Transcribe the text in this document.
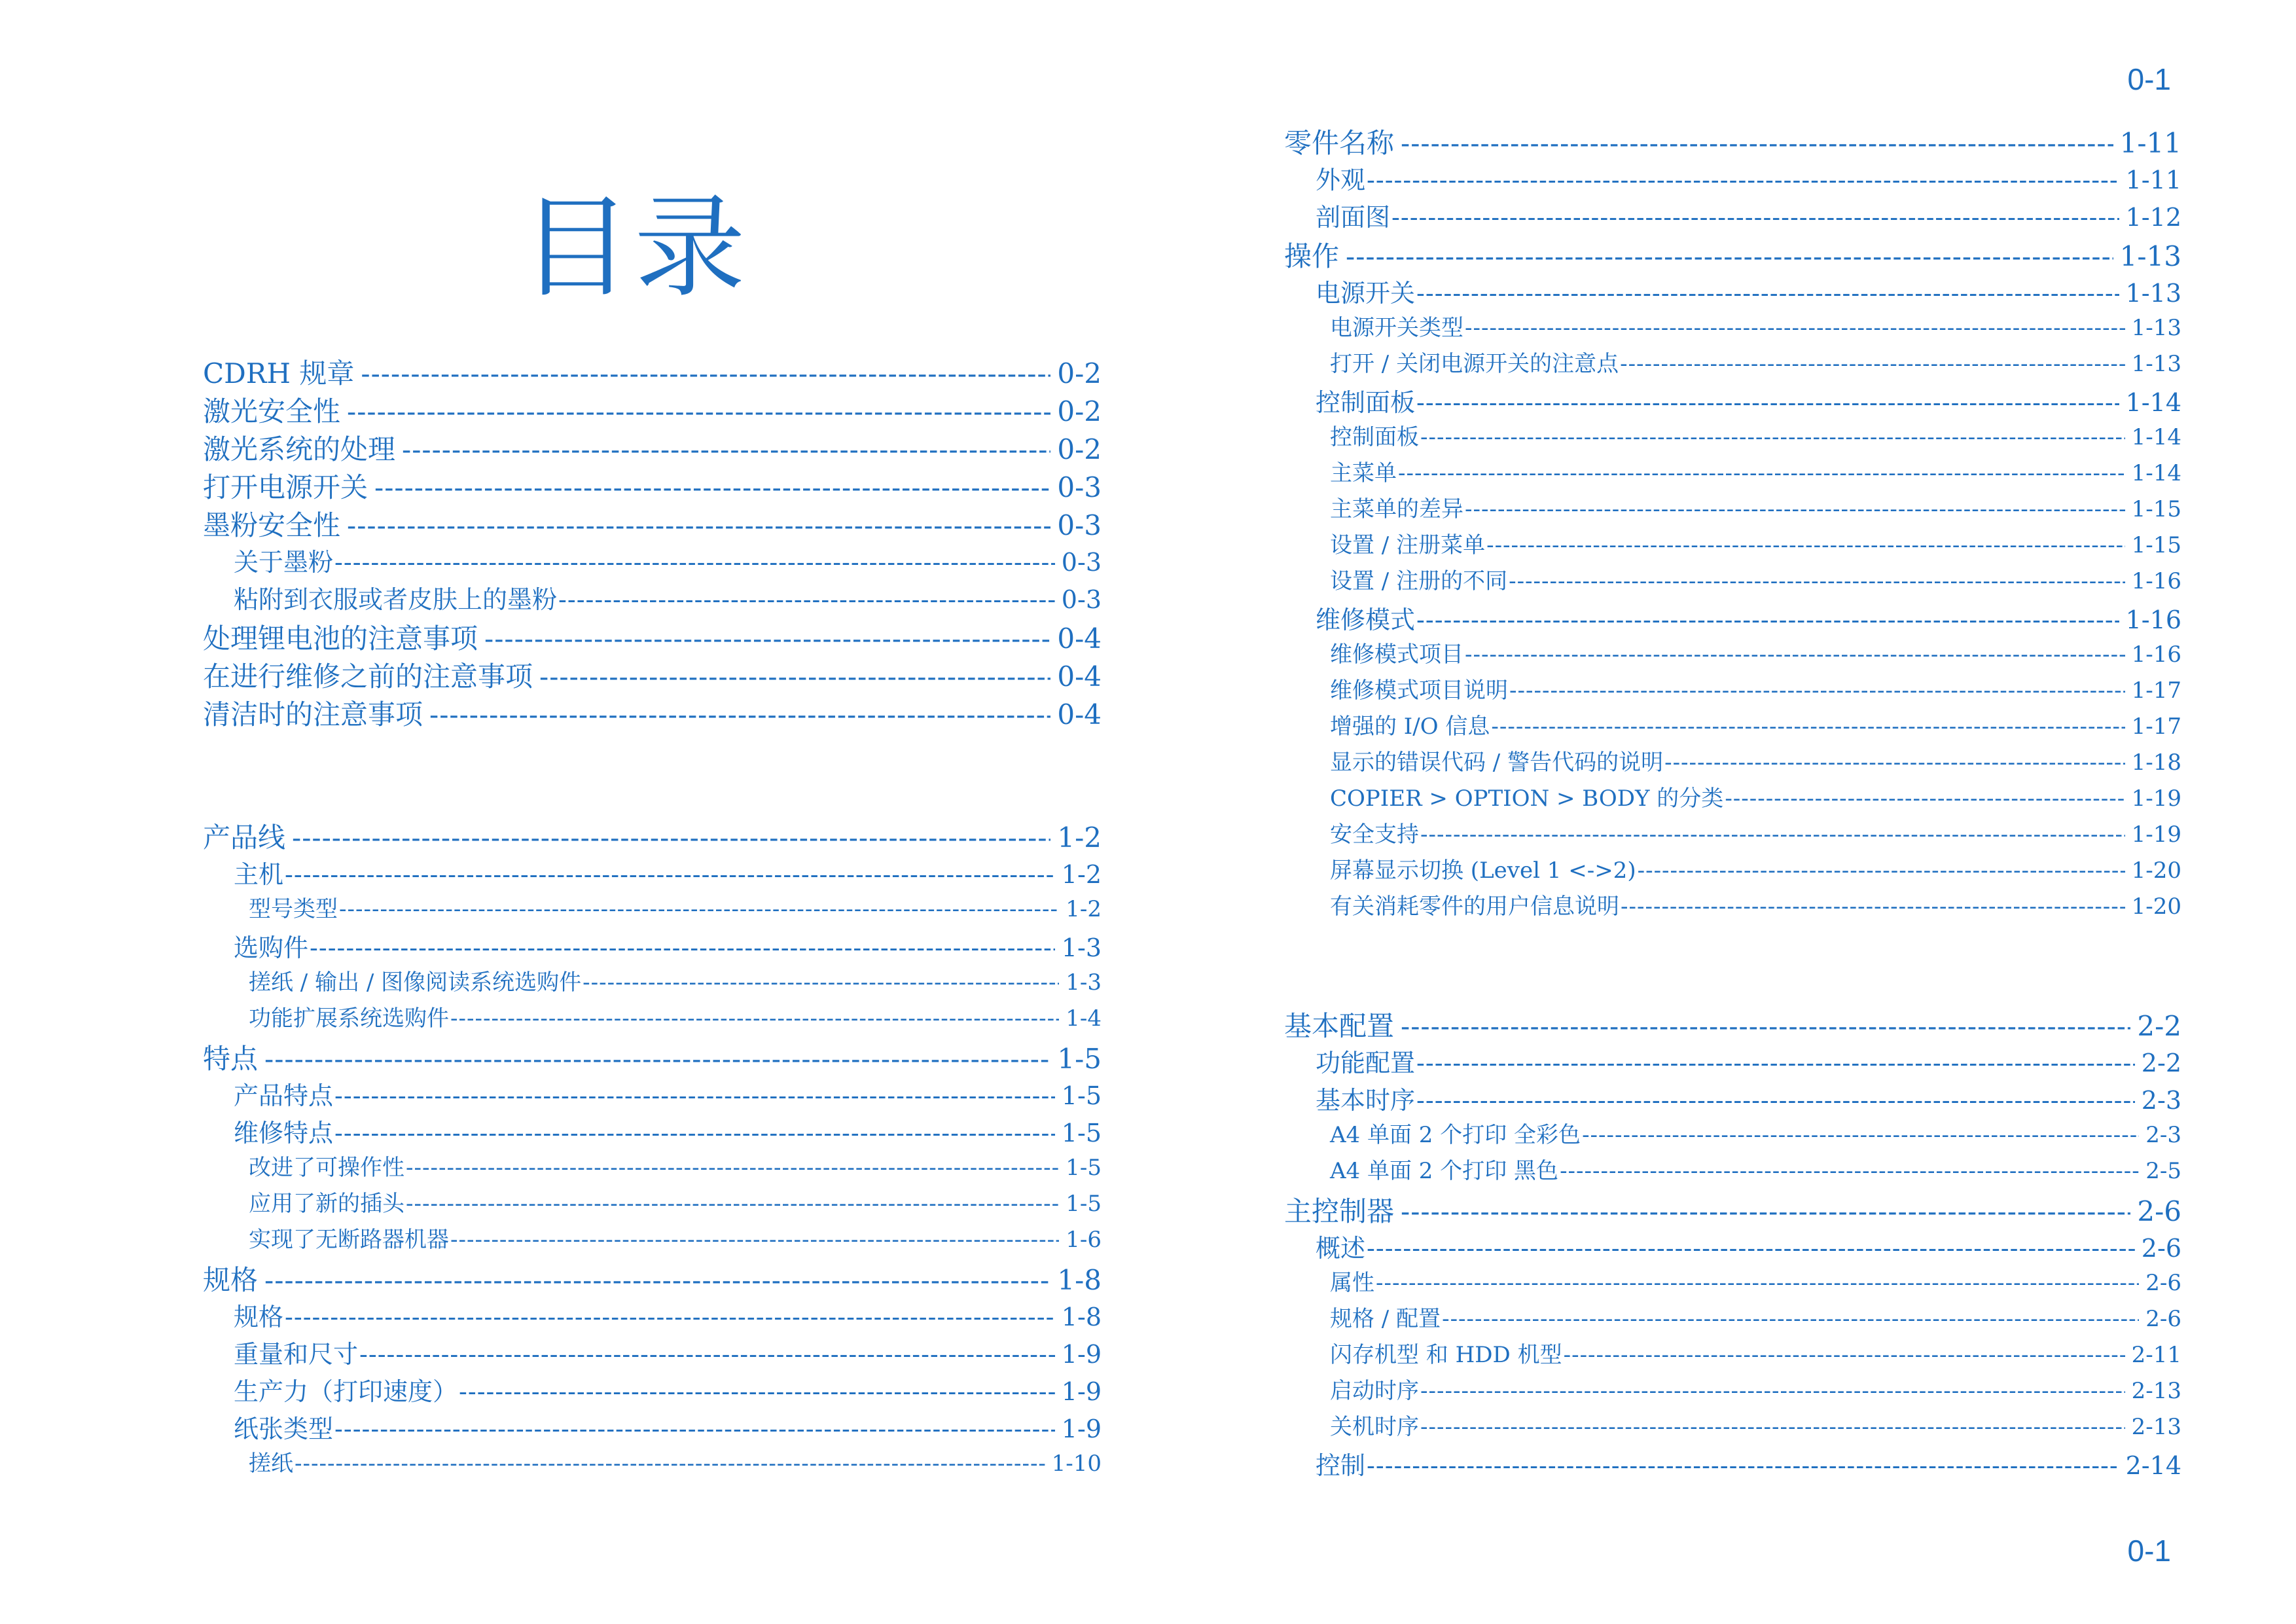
0-1
0-1
目录
CDRH 规章 -----	0-2
激光安全性 -----	0-2
激光系统的处理 -----	0-2
打开电源开关 -----	0-3
墨粉安全性 -----	0-3
关于墨粉 -----	0-3
粘附到衣服或者皮肤上的墨粉 -----	0-3
处理锂电池的注意事项 -----	0-4
在进行维修之前的注意事项 -----	0-4
清洁时的注意事项 -----	0-4
产品线 -----	1-2
主机 -----	1-2
型号类型 -----	1-2
选购件 -----	1-3
搓纸 / 输出 / 图像阅读系统选购件 -----	1-3
功能扩展系统选购件 -----	1-4
特点 -----	1-5
产品特点 -----	1-5
维修特点 -----	1-5
改进了可操作性 -----	1-5
应用了新的插头 -----	1-5
实现了无断路器机器 -----	1-6
规格 -----	1-8
规格 -----	1-8
重量和尺寸 -----	1-9
生产力（打印速度） -----	1-9
纸张类型 -----	1-9
搓纸 -----	1-10
零件名称 -----	1-11
外观 -----	1-11
剖面图 -----	1-12
操作 -----	1-13
电源开关 -----	1-13
电源开关类型 -----	1-13
打开 / 关闭电源开关的注意点 -----	1-13
控制面板 -----	1-14
控制面板 -----	1-14
主菜单 -----	1-14
主菜单的差异 -----	1-15
设置 / 注册菜单 -----	1-15
设置 / 注册的不同 -----	1-16
维修模式 -----	1-16
维修模式项目 -----	1-16
维修模式项目说明 -----	1-17
增强的 I/O 信息 -----	1-17
显示的错误代码 / 警告代码的说明 -----	1-18
COPIER > OPTION > BODY 的分类 -----	1-19
安全支持 -----	1-19
屏幕显示切换 (Level 1 <->2) -----	1-20
有关消耗零件的用户信息说明 -----	1-20
基本配置 -----	2-2
功能配置 -----	2-2
基本时序 -----	2-3
A4 单面 2 个打印 全彩色 -----	2-3
A4 单面 2 个打印 黑色 -----	2-5
主控制器 -----	2-6
概述 -----	2-6
属性 -----	2-6
规格 / 配置 -----	2-6
闪存机型 和 HDD 机型 -----	2-11
启动时序 -----	2-13
关机时序 -----	2-13
控制 -----	2-14
